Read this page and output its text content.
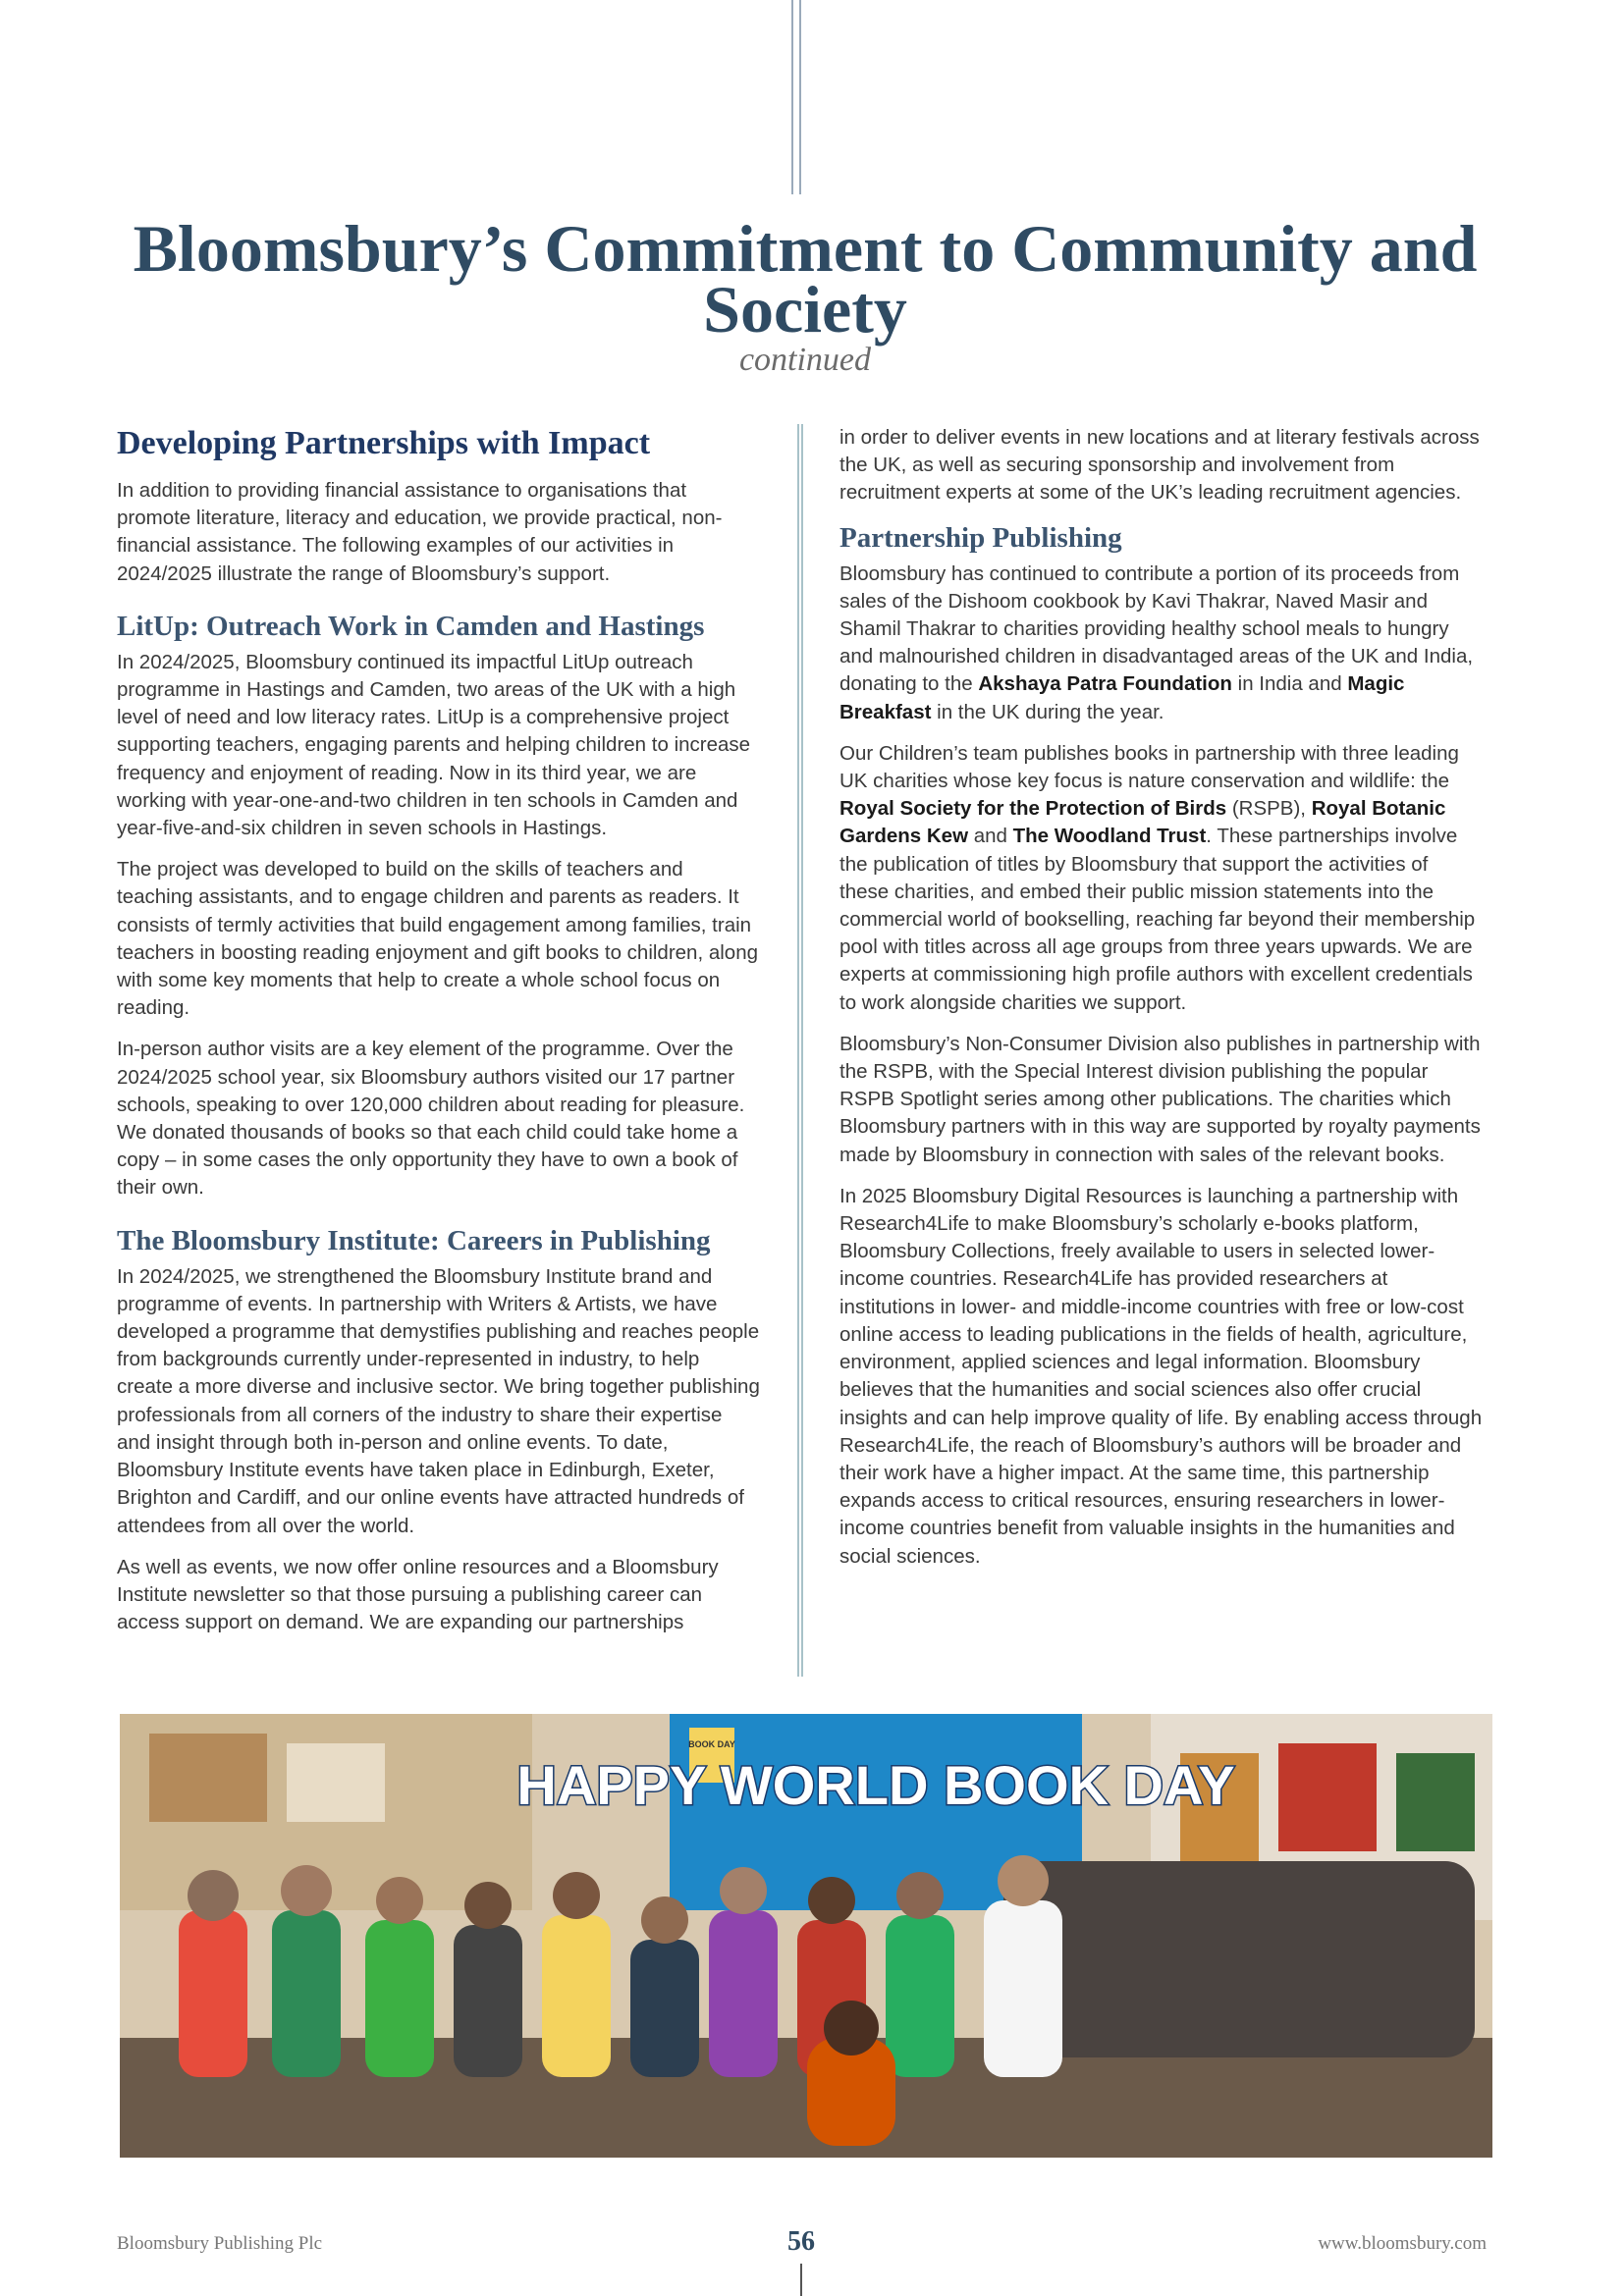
Bloomsbury’s Commitment to Community and Society
continued
Developing Partnerships with Impact

In addition to providing financial assistance to organisations that promote literature, literacy and education, we provide practical, non-financial assistance. The following examples of our activities in 2024/2025 illustrate the range of Bloomsbury’s support.

LitUp: Outreach Work in Camden and Hastings

In 2024/2025, Bloomsbury continued its impactful LitUp outreach programme in Hastings and Camden, two areas of the UK with a high level of need and low literacy rates. LitUp is a comprehensive project supporting teachers, engaging parents and helping children to increase frequency and enjoyment of reading. Now in its third year, we are working with year-one-and-two children in ten schools in Camden and year-five-and-six children in seven schools in Hastings.

The project was developed to build on the skills of teachers and teaching assistants, and to engage children and parents as readers. It consists of termly activities that build engagement among families, train teachers in boosting reading enjoyment and gift books to children, along with some key moments that help to create a whole school focus on reading.

In-person author visits are a key element of the programme. Over the 2024/2025 school year, six Bloomsbury authors visited our 17 partner schools, speaking to over 120,000 children about reading for pleasure. We donated thousands of books so that each child could take home a copy – in some cases the only opportunity they have to own a book of their own.

The Bloomsbury Institute: Careers in Publishing

In 2024/2025, we strengthened the Bloomsbury Institute brand and programme of events. In partnership with Writers & Artists, we have developed a programme that demystifies publishing and reaches people from backgrounds currently under-represented in industry, to help create a more diverse and inclusive sector. We bring together publishing professionals from all corners of the industry to share their expertise and insight through both in-person and online events. To date, Bloomsbury Institute events have taken place in Edinburgh, Exeter, Brighton and Cardiff, and our online events have attracted hundreds of attendees from all over the world.

As well as events, we now offer online resources and a Bloomsbury Institute newsletter so that those pursuing a publishing career can access support on demand. We are expanding our partnerships

in order to deliver events in new locations and at literary festivals across the UK, as well as securing sponsorship and involvement from recruitment experts at some of the UK’s leading recruitment agencies.

Partnership Publishing

Bloomsbury has continued to contribute a portion of its proceeds from sales of the Dishoom cookbook by Kavi Thakrar, Naved Masir and Shamil Thakrar to charities providing healthy school meals to hungry and malnourished children in disadvantaged areas of the UK and India, donating to the Akshaya Patra Foundation in India and Magic Breakfast in the UK during the year.

Our Children’s team publishes books in partnership with three leading UK charities whose key focus is nature conservation and wildlife: the Royal Society for the Protection of Birds (RSPB), Royal Botanic Gardens Kew and The Woodland Trust. These partnerships involve the publication of titles by Bloomsbury that support the activities of these charities, and embed their public mission statements into the commercial world of bookselling, reaching far beyond their membership pool with titles across all age groups from three years upwards. We are experts at commissioning high profile authors with excellent credentials to work alongside charities we support.

Bloomsbury’s Non-Consumer Division also publishes in partnership with the RSPB, with the Special Interest division publishing the popular RSPB Spotlight series among other publications. The charities which Bloomsbury partners with in this way are supported by royalty payments made by Bloomsbury in connection with sales of the relevant books.

In 2025 Bloomsbury Digital Resources is launching a partnership with Research4Life to make Bloomsbury’s scholarly e-books platform, Bloomsbury Collections, freely available to users in selected lower-income countries. Research4Life has provided researchers at institutions in lower- and middle-income countries with free or low-cost online access to leading publications in the fields of health, agriculture, environment, applied sciences and legal information. Bloomsbury believes that the humanities and social sciences also offer crucial insights and can help improve quality of life. By enabling access through Research4Life, the reach of Bloomsbury’s authors will be broader and their work have a higher impact. At the same time, this partnership expands access to critical resources, ensuring researchers in lower-income countries benefit from valuable insights in the humanities and social sciences.

BOOK DAY
HAPPY WORLD BOOK DAY
Bloomsbury Publishing Plc	56	www.bloomsbury.com
